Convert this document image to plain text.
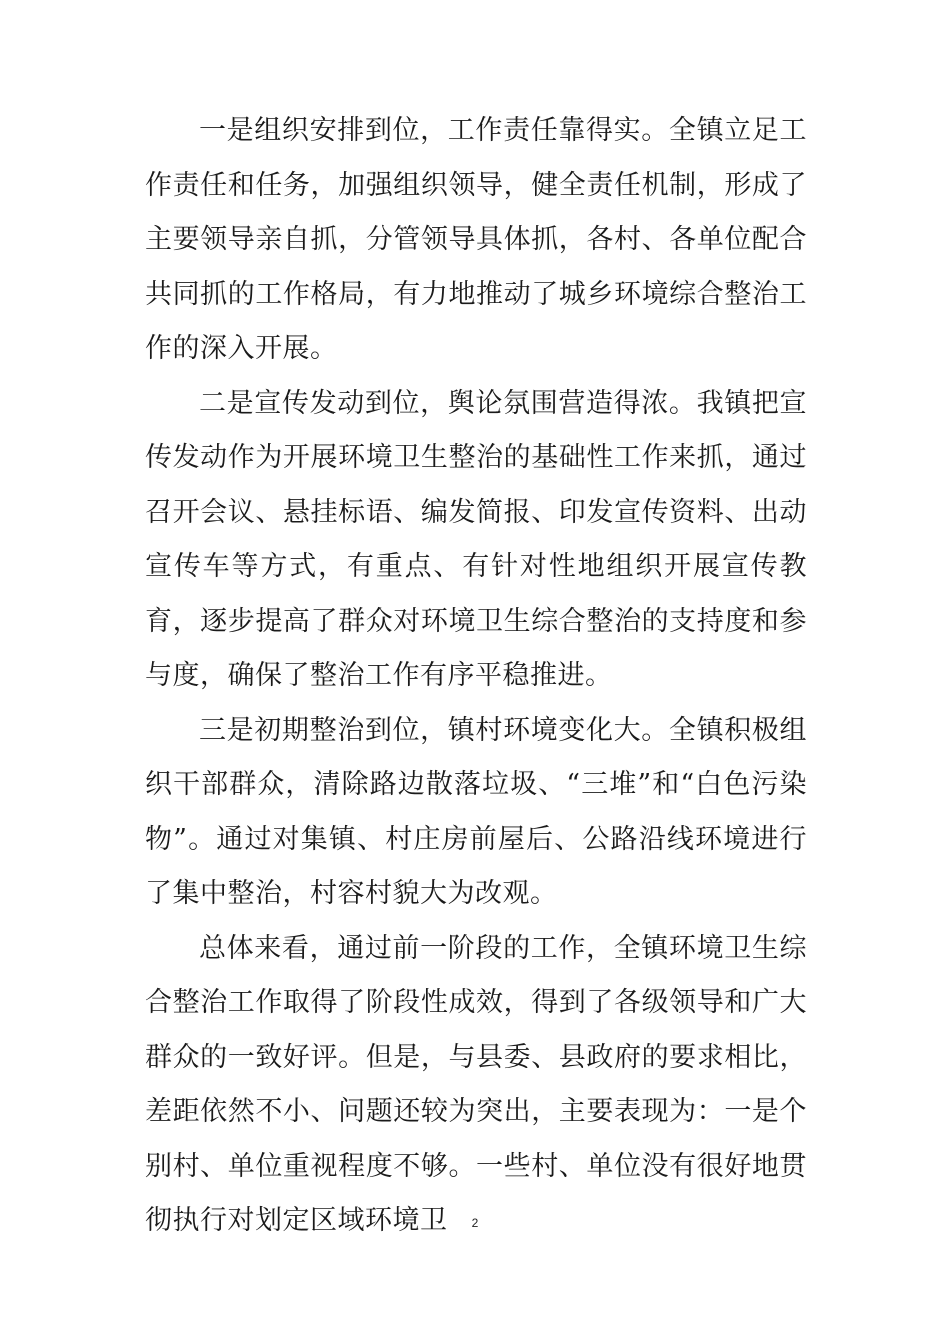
一是组织安排到位，工作责任靠得实。全镇立足工作责任和任务，加强组织领导，健全责任机制，形成了主要领导亲自抓，分管领导具体抓，各村、各单位配合共同抓的工作格局，有力地推动了城乡环境综合整治工作的深入开展。

二是宣传发动到位，舆论氛围营造得浓。我镇把宣传发动作为开展环境卫生整治的基础性工作来抓，通过召开会议、悬挂标语、编发简报、印发宣传资料、出动宣传车等方式，有重点、有针对性地组织开展宣传教育，逐步提高了群众对环境卫生综合整治的支持度和参与度，确保了整治工作有序平稳推进。

三是初期整治到位，镇村环境变化大。全镇积极组织干部群众，清除路边散落垃圾、“三堆”和“白色污染物”。通过对集镇、村庄房前屋后、公路沿线环境进行了集中整治，村容村貌大为改观。

总体来看，通过前一阶段的工作，全镇环境卫生综合整治工作取得了阶段性成效，得到了各级领导和广大群众的一致好评。但是，与县委、县政府的要求相比，差距依然不小、问题还较为突出，主要表现为：一是个别村、单位重视程度不够。一些村、单位没有很好地贯彻执行对划定区域环境卫	2
